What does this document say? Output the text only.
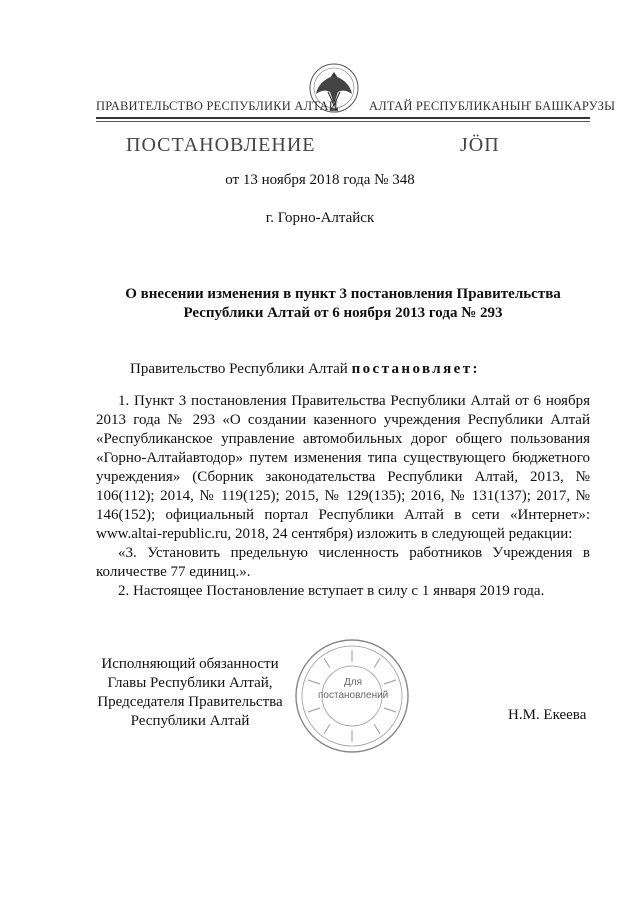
ПРАВИТЕЛЬСТВО РЕСПУБЛИКИ АЛТАЙ АЛТАЙ РЕСПУБЛИКАНЫҤ БАШКАРУЗЫ
ПОСТАНОВЛЕНИЕ	ЈӦП
от 13 ноября 2018 года № 348
г. Горно-Алтайск
О внесении изменения в пункт 3 постановления Правительства
Республики Алтай от 6 ноября 2013 года № 293
Правительство Республики Алтай постановляет:

1. Пункт 3 постановления Правительства Республики Алтай от 6 ноября 2013 года № 293 «О создании казенного учреждения Республики Алтай «Республиканское управление автомобильных дорог общего пользования «Горно-Алтайавтодор» путем изменения типа существующего бюджетного учреждения» (Сборник законодательства Республики Алтай, 2013, № 106(112); 2014, № 119(125); 2015, № 129(135); 2016, № 131(137); 2017, № 146(152); официальный портал Республики Алтай в сети «Интернет»: www.altai-republic.ru, 2018, 24 сентября) изложить в следующей редакции:

«3. Установить предельную численность работников Учреждения в количестве 77 единиц.».

2. Настоящее Постановление вступает в силу с 1 января 2019 года.

Исполняющий обязанности
Главы Республики Алтай,
Председателя Правительства
Республики Алтай
Для
постановлений
Н.М. Екеева
